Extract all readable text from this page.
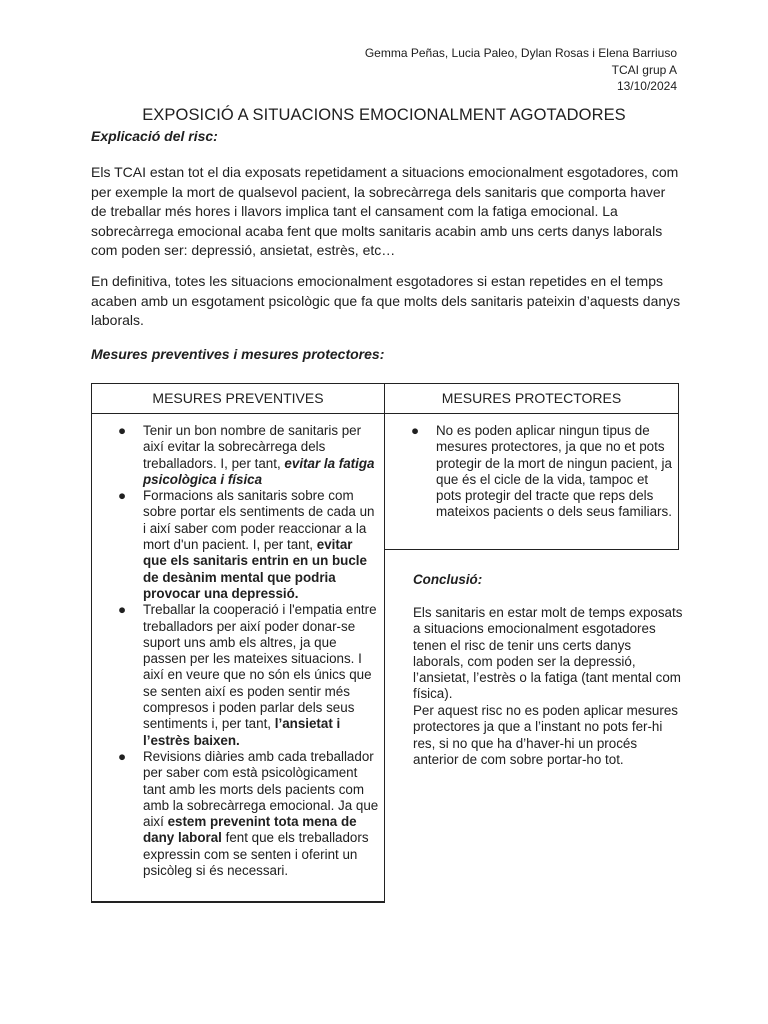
Gemma Peñas, Lucia Paleo, Dylan Rosas i Elena Barriuso
TCAI grup A
13/10/2024
EXPOSICIÓ A SITUACIONS EMOCIONALMENT AGOTADORES
Explicació del risc:

Els TCAI estan tot el dia exposats repetidament a situacions emocionalment esgotadores, com per exemple la mort de qualsevol pacient, la sobrecàrrega dels sanitaris que comporta haver de treballar més hores i llavors implica tant el cansament com la fatiga emocional. La sobrecàrrega emocional acaba fent que molts sanitaris acabin amb uns certs danys laborals com poden ser: depressió, ansietat, estrès, etc…

En definitiva, totes les situacions emocionalment esgotadores si estan repetides en el temps acaben amb un esgotament psicològic que fa que molts dels sanitaris pateixin d’aquests danys laborals.

Mesures preventives i mesures protectores:
MESURES PREVENTIVES	MESURES PROTECTORES
● Tenir un bon nombre de sanitaris per així evitar la sobrecàrrega dels treballadors. I, per tant, evitar la fatiga psicològica i física
● Formacions als sanitaris sobre com sobre portar els sentiments de cada un i així saber com poder reaccionar a la mort d'un pacient. I, per tant, evitar que els sanitaris entrin en un bucle de desànim mental que podria provocar una depressió.
● Treballar la cooperació i l'empatia entre treballadors per així poder donar-se suport uns amb els altres, ja que passen per les mateixes situacions. I així en veure que no són els únics que se senten així es poden sentir més compresos i poden parlar dels seus sentiments i, per tant, l’ansietat i l’estrès baixen.
● Revisions diàries amb cada treballador per saber com està psicològicament tant amb les morts dels pacients com amb la sobrecàrrega emocional. Ja que així estem prevenint tota mena de dany laboral fent que els treballadors expressin com se senten i oferint un psicòleg si és necessari.
● No es poden aplicar ningun tipus de mesures protectores, ja que no et pots protegir de la mort de ningun pacient, ja que és el cicle de la vida, tampoc et pots protegir del tracte que reps dels mateixos pacients o dels seus familiars.
Conclusió:

Els sanitaris en estar molt de temps exposats a situacions emocionalment esgotadores tenen el risc de tenir uns certs danys laborals, com poden ser la depressió, l’ansietat, l’estrès o la fatiga (tant mental com física).

Per aquest risc no es poden aplicar mesures protectores ja que a l’instant no pots fer-hi res, si no que ha d’haver-hi un procés anterior de com sobre portar-ho tot.
